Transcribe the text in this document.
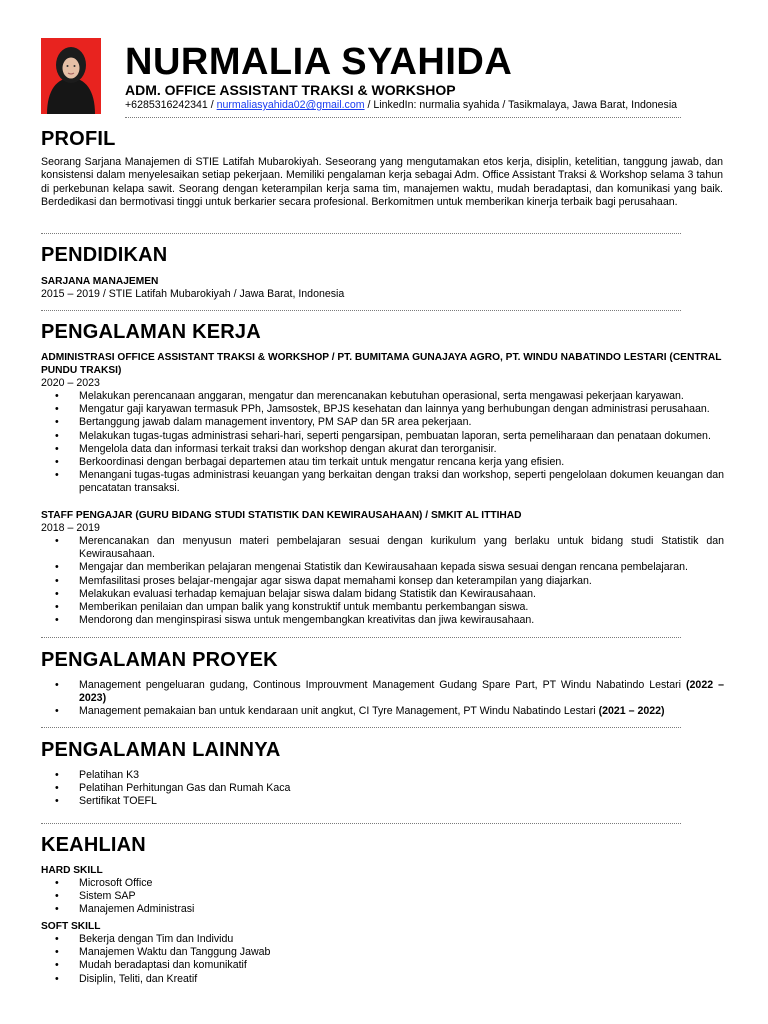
NURMALIA SYAHIDA
ADM. OFFICE ASSISTANT TRAKSI & WORKSHOP
+6285316242341 / nurmaliasyahida02@gmail.com / LinkedIn: nurmalia syahida / Tasikmalaya, Jawa Barat, Indonesia
PROFIL
Seorang Sarjana Manajemen di STIE Latifah Mubarokiyah. Seseorang yang mengutamakan etos kerja, disiplin, ketelitian, tanggung jawab, dan konsistensi dalam menyelesaikan setiap pekerjaan. Memiliki pengalaman kerja sebagai Adm. Office Assistant Traksi & Workshop selama 3 tahun di perkebunan kelapa sawit. Seorang dengan keterampilan kerja sama tim, manajemen waktu, mudah beradaptasi, dan komunikasi yang baik. Berdedikasi dan bermotivasi tinggi untuk berkarier secara profesional. Berkomitmen untuk memberikan kinerja terbaik bagi perusahaan.
PENDIDIKAN
SARJANA MANAJEMEN
2015 – 2019 / STIE Latifah Mubarokiyah / Jawa Barat, Indonesia
PENGALAMAN KERJA
ADMINISTRASI OFFICE ASSISTANT TRAKSI & WORKSHOP / PT. BUMITAMA GUNAJAYA AGRO, PT. WINDU NABATINDO LESTARI (CENTRAL PUNDU TRAKSI)
2020 – 2023
• Melakukan perencanaan anggaran, mengatur dan merencanakan kebutuhan operasional, serta mengawasi pekerjaan karyawan.
• Mengatur gaji karyawan termasuk PPh, Jamsostek, BPJS kesehatan dan lainnya yang berhubungan dengan administrasi perusahaan.
• Bertanggung jawab dalam management inventory, PM SAP dan 5R area pekerjaan.
• Melakukan tugas-tugas administrasi sehari-hari, seperti pengarsipan, pembuatan laporan, serta pemeliharaan dan penataan dokumen.
• Mengelola data dan informasi terkait traksi dan workshop dengan akurat dan terorganisir.
• Berkoordinasi dengan berbagai departemen atau tim terkait untuk mengatur rencana kerja yang efisien.
• Menangani tugas-tugas administrasi keuangan yang berkaitan dengan traksi dan workshop, seperti pengelolaan dokumen keuangan dan pencatatan transaksi.
STAFF PENGAJAR (GURU BIDANG STUDI STATISTIK DAN KEWIRAUSAHAAN) / SMKIT AL ITTIHAD
2018 – 2019
• Merencanakan dan menyusun materi pembelajaran sesuai dengan kurikulum yang berlaku untuk bidang studi Statistik dan Kewirausahaan.
• Mengajar dan memberikan pelajaran mengenai Statistik dan Kewirausahaan kepada siswa sesuai dengan rencana pembelajaran.
• Memfasilitasi proses belajar-mengajar agar siswa dapat memahami konsep dan keterampilan yang diajarkan.
• Melakukan evaluasi terhadap kemajuan belajar siswa dalam bidang Statistik dan Kewirausahaan.
• Memberikan penilaian dan umpan balik yang konstruktif untuk membantu perkembangan siswa.
• Mendorong dan menginspirasi siswa untuk mengembangkan kreativitas dan jiwa kewirausahaan.
PENGALAMAN PROYEK
• Management pengeluaran gudang, Continous Improuvment Management Gudang Spare Part, PT Windu Nabatindo Lestari (2022 – 2023)
• Management pemakaian ban untuk kendaraan unit angkut, CI Tyre Management, PT Windu Nabatindo Lestari (2021 – 2022)
PENGALAMAN LAINNYA
• Pelatihan K3
• Pelatihan Perhitungan Gas dan Rumah Kaca
• Sertifikat TOEFL
KEAHLIAN
HARD SKILL
• Microsoft Office
• Sistem SAP
• Manajemen Administrasi
SOFT SKILL
• Bekerja dengan Tim dan Individu
• Manajemen Waktu dan Tanggung Jawab
• Mudah beradaptasi dan komunikatif
• Disiplin, Teliti, dan Kreatif
